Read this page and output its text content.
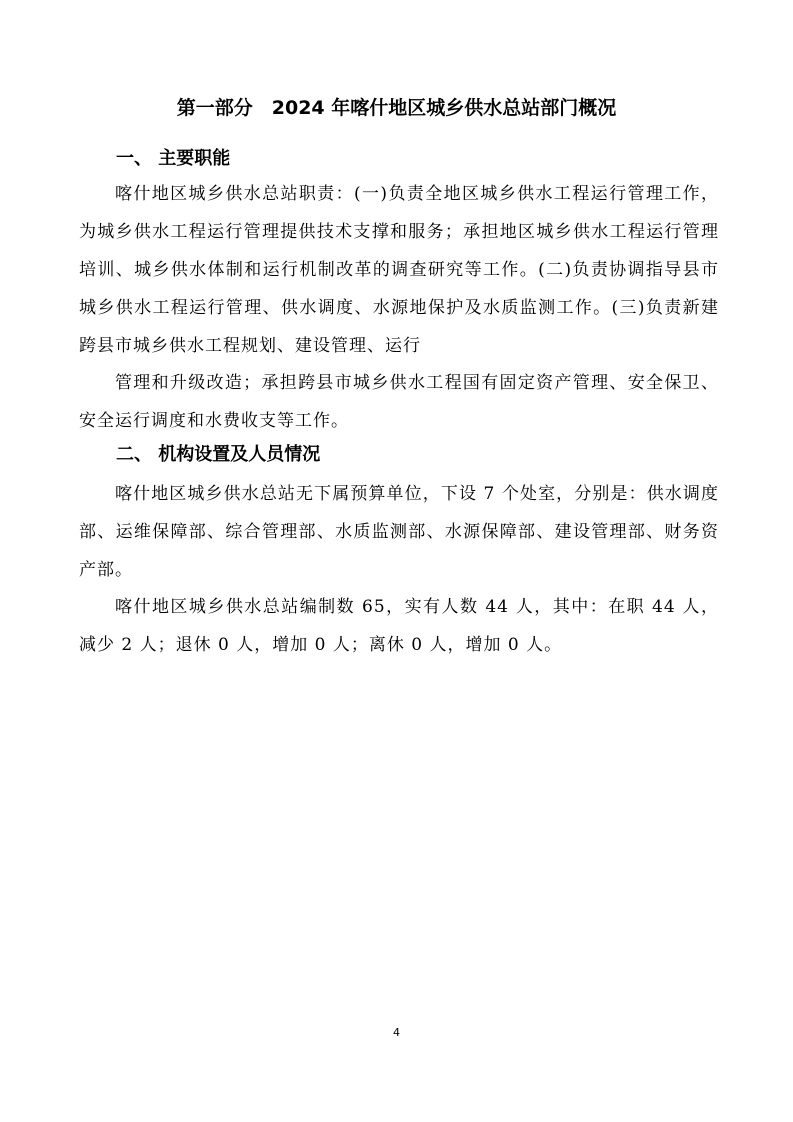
第一部分　2024 年喀什地区城乡供水总站部门概况
一、 主要职能
喀什地区城乡供水总站职责：(一)负责全地区城乡供水工程运行管理工作，为城乡供水工程运行管理提供技术支撑和服务；承担地区城乡供水工程运行管理培训、城乡供水体制和运行机制改革的调查研究等工作。(二)负责协调指导县市城乡供水工程运行管理、供水调度、水源地保护及水质监测工作。(三)负责新建跨县市城乡供水工程规划、建设管理、运行
管理和升级改造；承担跨县市城乡供水工程国有固定资产管理、安全保卫、安全运行调度和水费收支等工作。
二、 机构设置及人员情况
喀什地区城乡供水总站无下属预算单位，下设 7 个处室，分别是：供水调度部、运维保障部、综合管理部、水质监测部、水源保障部、建设管理部、财务资产部。
喀什地区城乡供水总站编制数 65，实有人数 44 人，其中：在职 44 人，减少 2 人；退休 0 人，增加 0 人；离休 0 人，增加 0 人。
4
